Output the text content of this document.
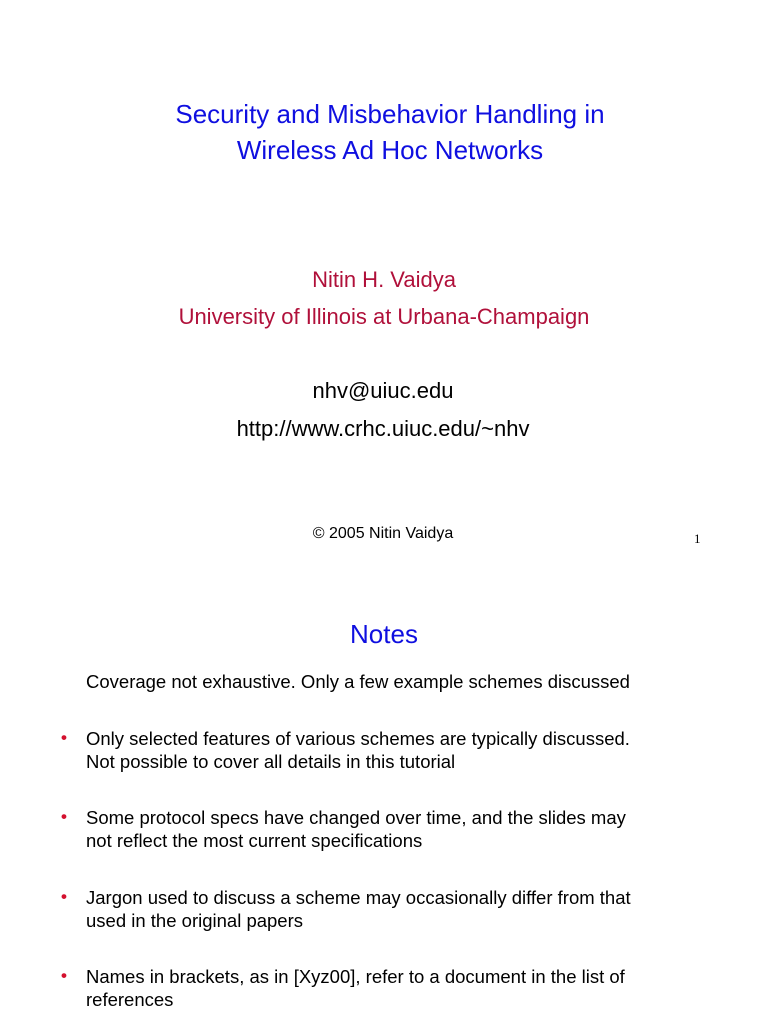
Security and Misbehavior Handling in
Wireless Ad Hoc Networks
Nitin H. Vaidya
University of Illinois at Urbana-Champaign
nhv@uiuc.edu
http://www.crhc.uiuc.edu/~nhv
© 2005 Nitin Vaidya	1
Notes
Coverage not exhaustive. Only a few example schemes discussed
• Only selected features of various schemes are typically discussed.
Not possible to cover all details in this tutorial
• Some protocol specs have changed over time, and the slides may
not reflect the most current specifications
• Jargon used to discuss a scheme may occasionally differ from that
used in the original papers
• Names in brackets, as in [Xyz00], refer to a document in the list of
references
